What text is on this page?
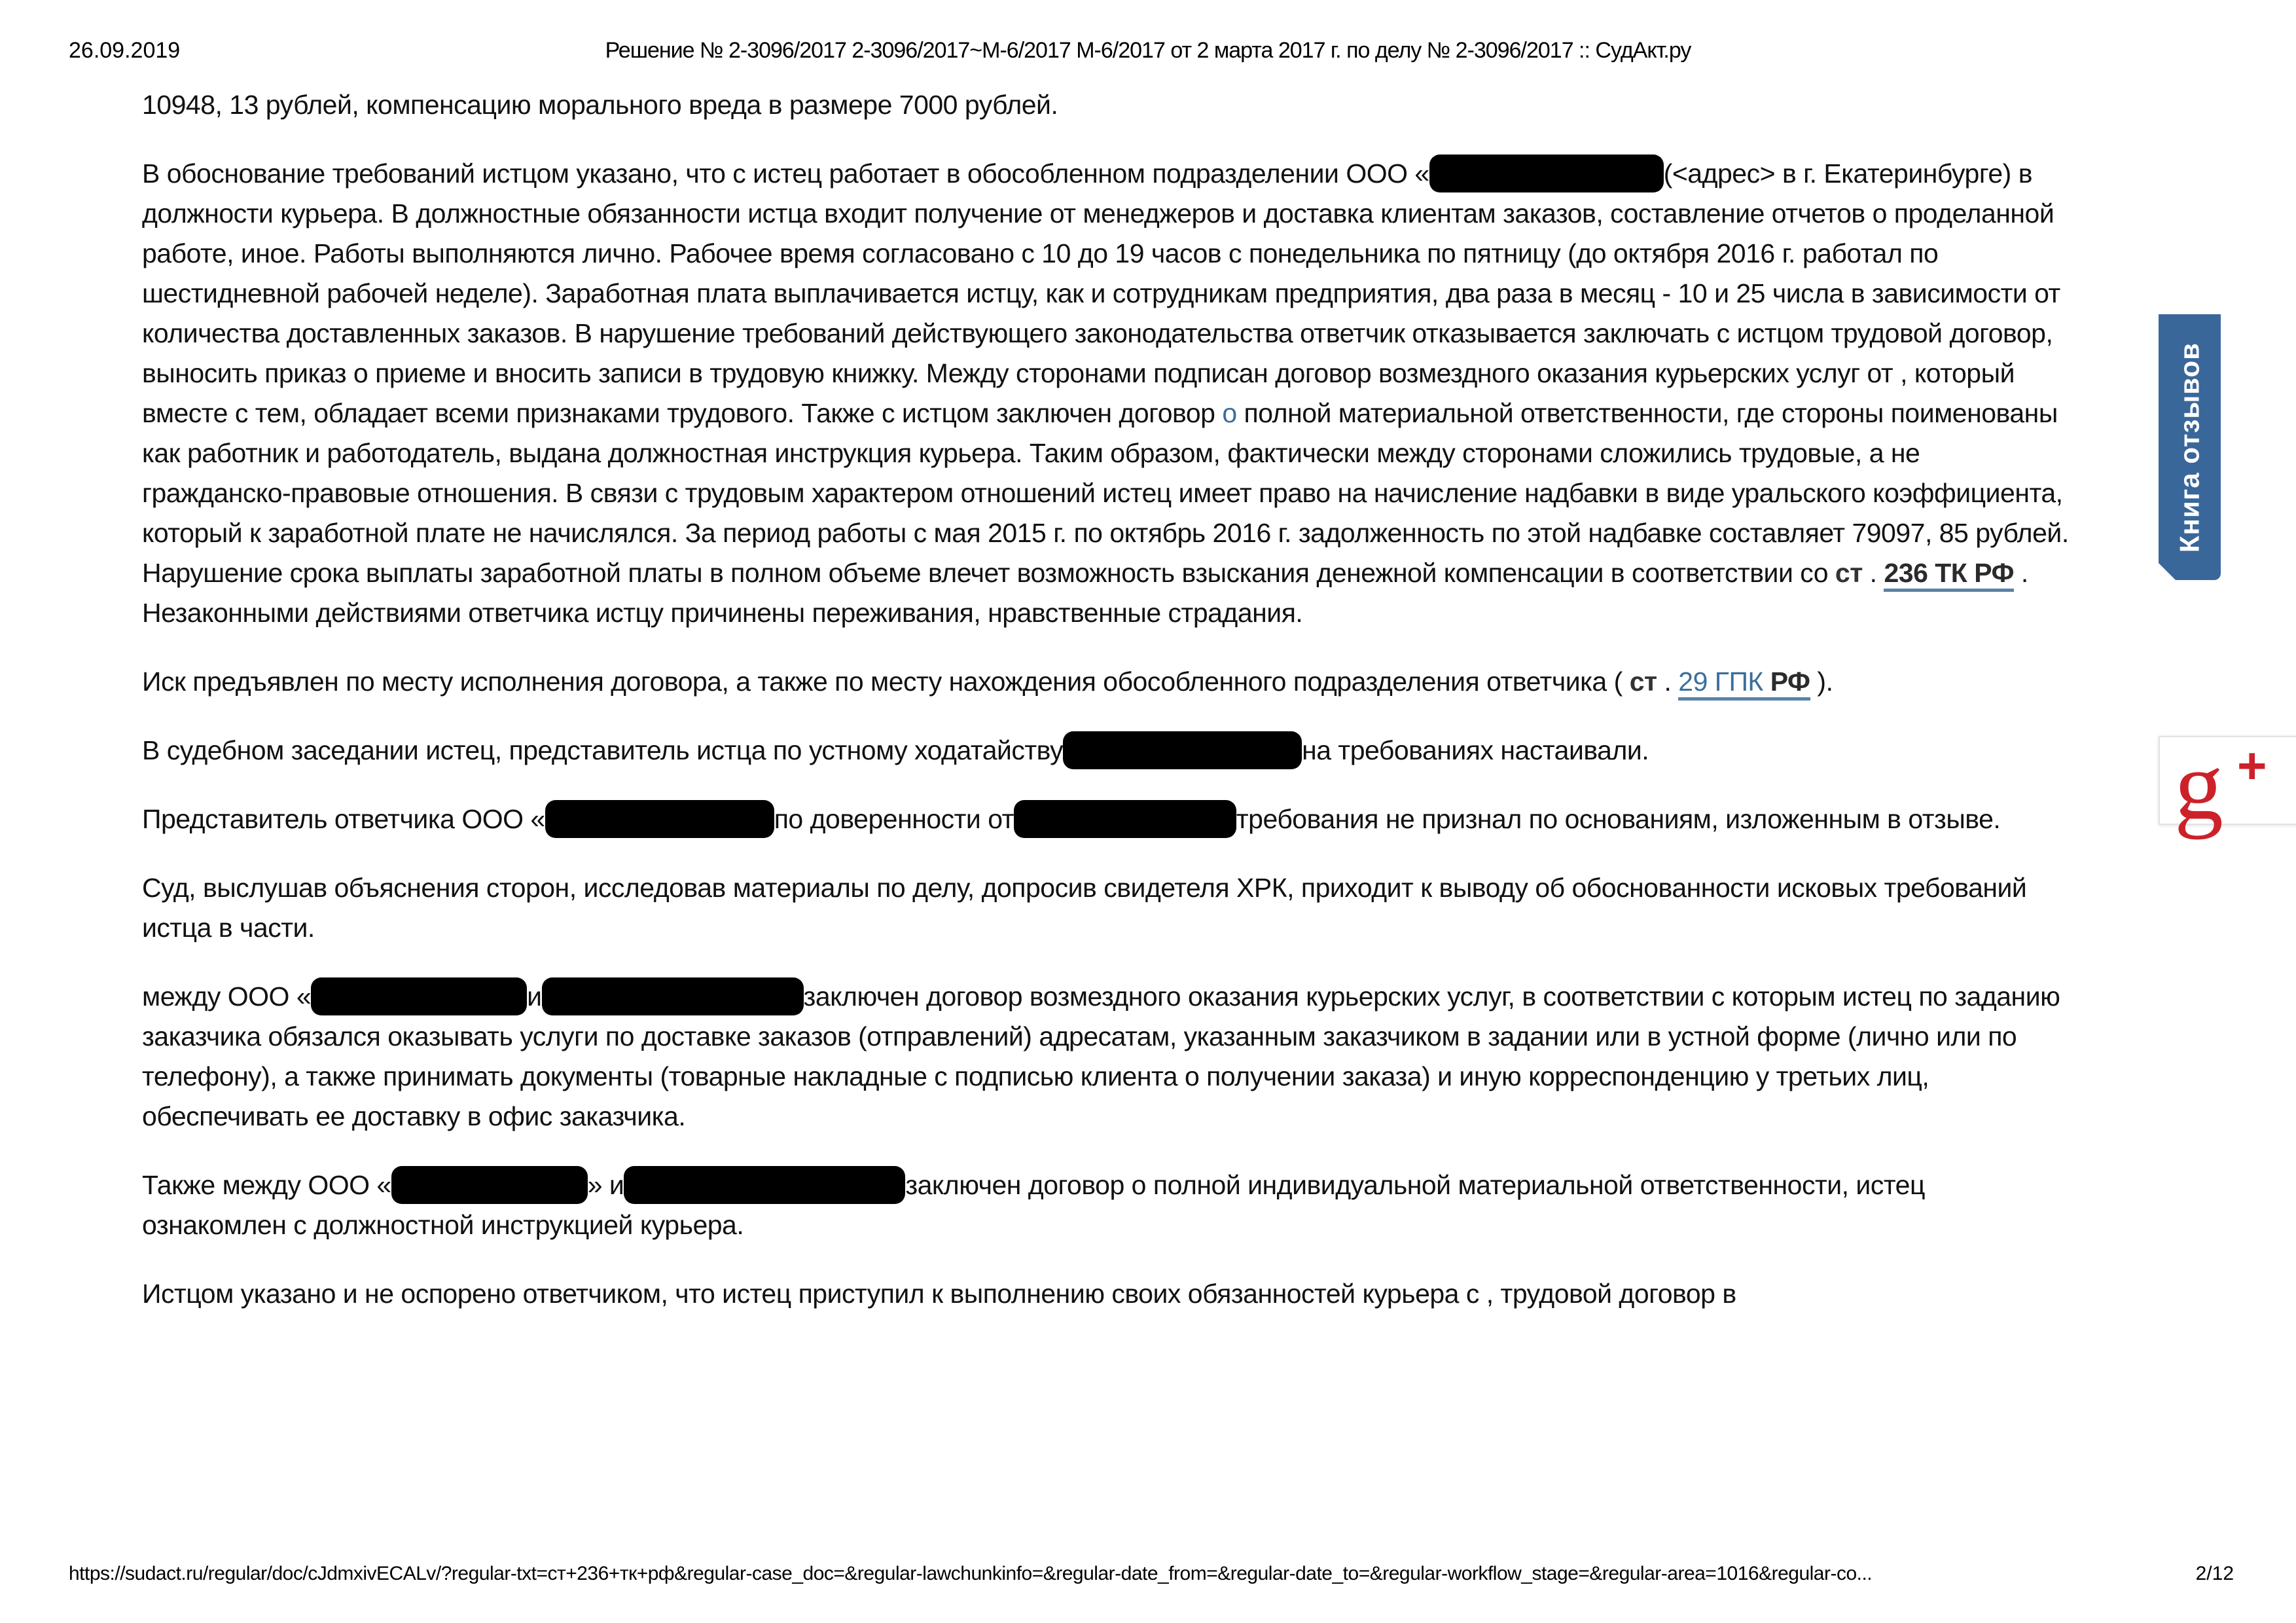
26.09.2019	Решение № 2-3096/2017 2-3096/2017~М-6/2017 М-6/2017 от 2 марта 2017 г. по делу № 2-3096/2017 :: СудАкт.ру

10948, 13 рублей, компенсацию морального вреда в размере 7000 рублей.

В обоснование требований истцом указано, что с истец работает в обособленном подразделении ООО «	(<адрес> в г. Екатеринбурге) в должности курьера. В должностные обязанности истца входит получение от менеджеров и доставка клиентам заказов, составление отчетов о проделанной работе, иное. Работы выполняются лично. Рабочее время согласовано с 10 до 19 часов с понедельника по пятницу (до октября 2016 г. работал по шестидневной рабочей неделе). Заработная плата выплачивается истцу, как и сотрудникам предприятия, два раза в месяц - 10 и 25 числа в зависимости от количества доставленных заказов. В нарушение требований действующего законодательства ответчик отказывается заключать с истцом трудовой договор, выносить приказ о приеме и вносить записи в трудовую книжку. Между сторонами подписан договор возмездного оказания курьерских услуг от , который вместе с тем, обладает всеми признаками трудового. Также с истцом заключен договор о полной материальной ответственности, где стороны поименованы как работник и работодатель, выдана должностная инструкция курьера. Таким образом, фактически между сторонами сложились трудовые, а не гражданско-правовые отношения. В связи с трудовым характером отношений истец имеет право на начисление надбавки в виде уральского коэффициента, который к заработной плате не начислялся. За период работы с мая 2015 г. по октябрь 2016 г. задолженность по этой надбавке составляет 79097, 85 рублей. Нарушение срока выплаты заработной платы в полном объеме влечет возможность взыскания денежной компенсации в соответствии со ст . 236 ТК РФ . Незаконными действиями ответчика истцу причинены переживания, нравственные страдания.

Иск предъявлен по месту исполнения договора, а также по месту нахождения обособленного подразделения ответчика ( ст . 29 ГПК РФ ).

В судебном заседании истец, представитель истца по устному ходатайству	на требованиях настаивали.

Представитель ответчика ООО «	по доверенности от	требования не признал по основаниям, изложенным в отзыве.

Суд, выслушав объяснения сторон, исследовав материалы по делу, допросив свидетеля ХРК, приходит к выводу об обоснованности исковых требований истца в части.

между ООО «	и	заключен договор возмездного оказания курьерских услуг, в соответствии с которым истец по заданию заказчика обязался оказывать услуги по доставке заказов (отправлений) адресатам, указанным заказчиком в задании или в устной форме (лично или по телефону), а также принимать документы (товарные накладные с подписью клиента о получении заказа) и иную корреспонденцию у третьих лиц, обеспечивать ее доставку в офис заказчика.

Также между ООО «	» и	заключен договор о полной индивидуальной материальной ответственности, истец ознакомлен с должностной инструкцией курьера.

Истцом указано и не оспорено ответчиком, что истец приступил к выполнению своих обязанностей курьера с , трудовой договор в

Книга отзывов
g +
https://sudact.ru/regular/doc/cJdmxivECALv/?regular-txt=ст+236+тк+рф&regular-case_doc=&regular-lawchunkinfo=&regular-date_from=&regular-date_to=&regular-workflow_stage=&regular-area=1016&regular-co...	2/12
